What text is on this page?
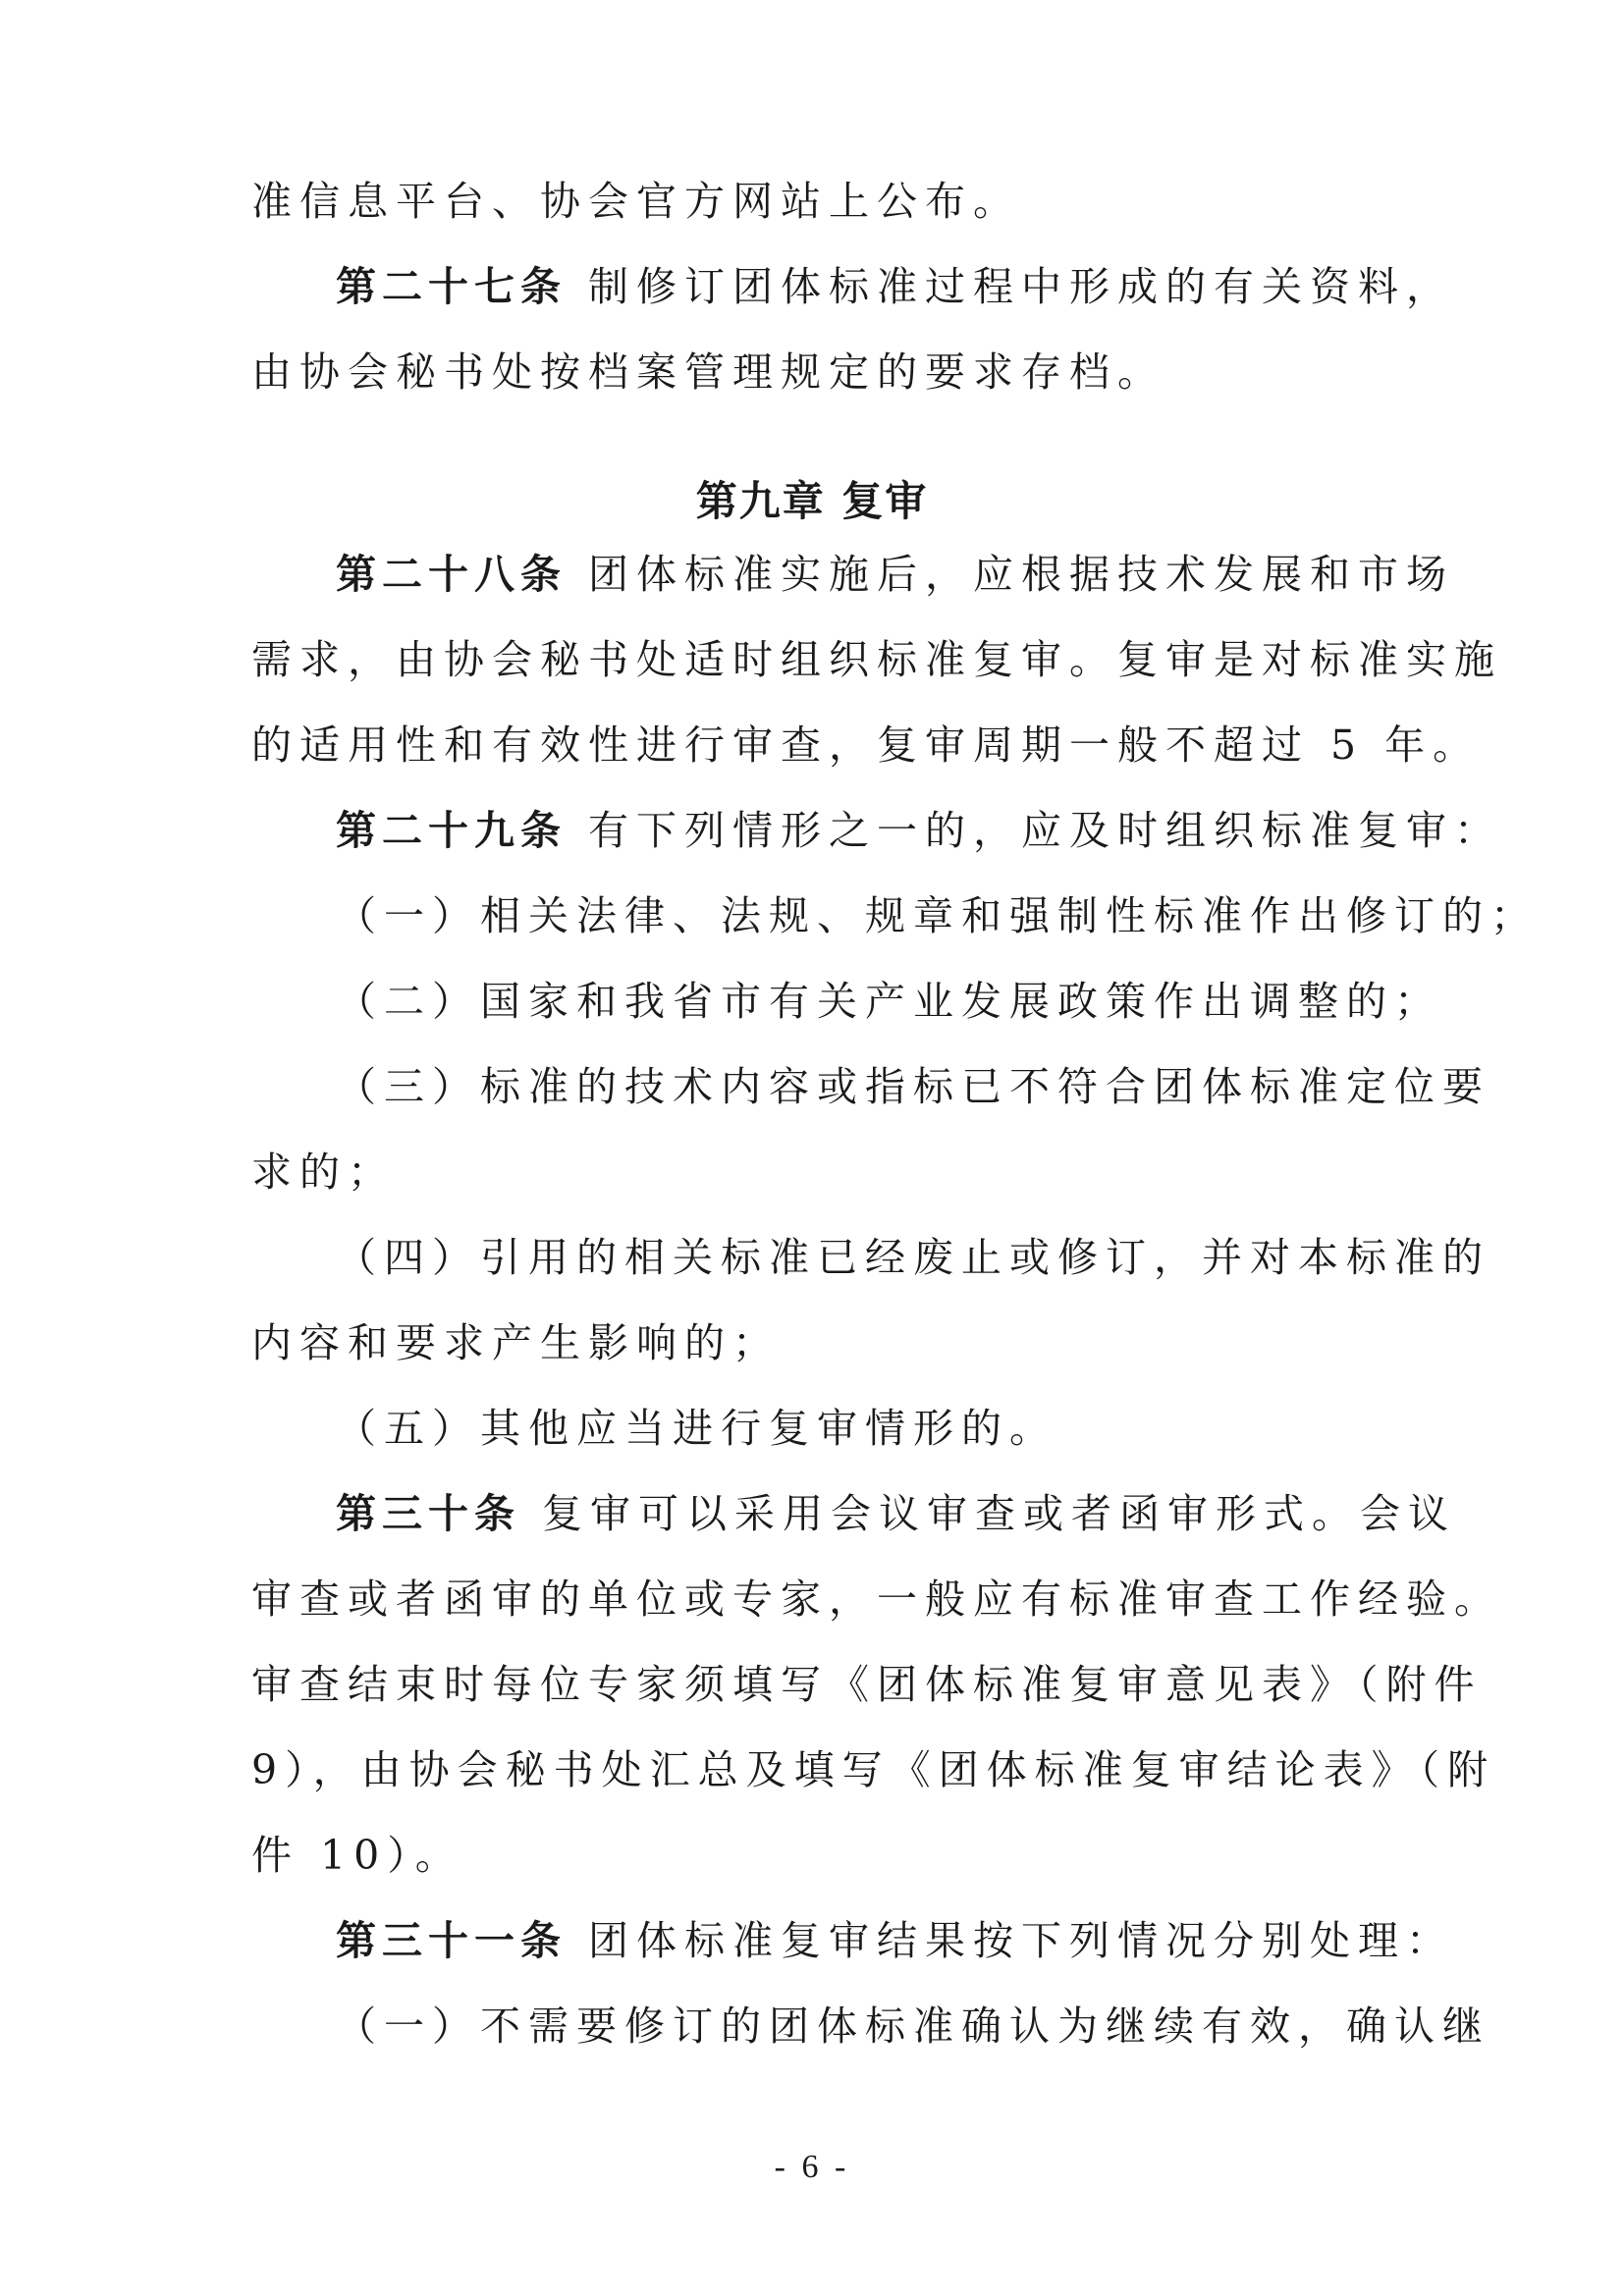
准信息平台、协会官方网站上公布。
第二十七条 制修订团体标准过程中形成的有关资料，
由协会秘书处按档案管理规定的要求存档。
第九章 复审
第二十八条 团体标准实施后，应根据技术发展和市场
需求，由协会秘书处适时组织标准复审。复审是对标准实施
的适用性和有效性进行审查，复审周期一般不超过 5 年。
第二十九条 有下列情形之一的，应及时组织标准复审：
（一）相关法律、法规、规章和强制性标准作出修订的；
（二）国家和我省市有关产业发展政策作出调整的；
（三）标准的技术内容或指标已不符合团体标准定位要
求的；
（四）引用的相关标准已经废止或修订，并对本标准的
内容和要求产生影响的；
（五）其他应当进行复审情形的。
第三十条 复审可以采用会议审查或者函审形式。会议
审查或者函审的单位或专家，一般应有标准审查工作经验。
审查结束时每位专家须填写《团体标准复审意见表》（附件
9），由协会秘书处汇总及填写《团体标准复审结论表》（附
件 10）。
第三十一条 团体标准复审结果按下列情况分别处理：
（一）不需要修订的团体标准确认为继续有效，确认继
- 6 -
